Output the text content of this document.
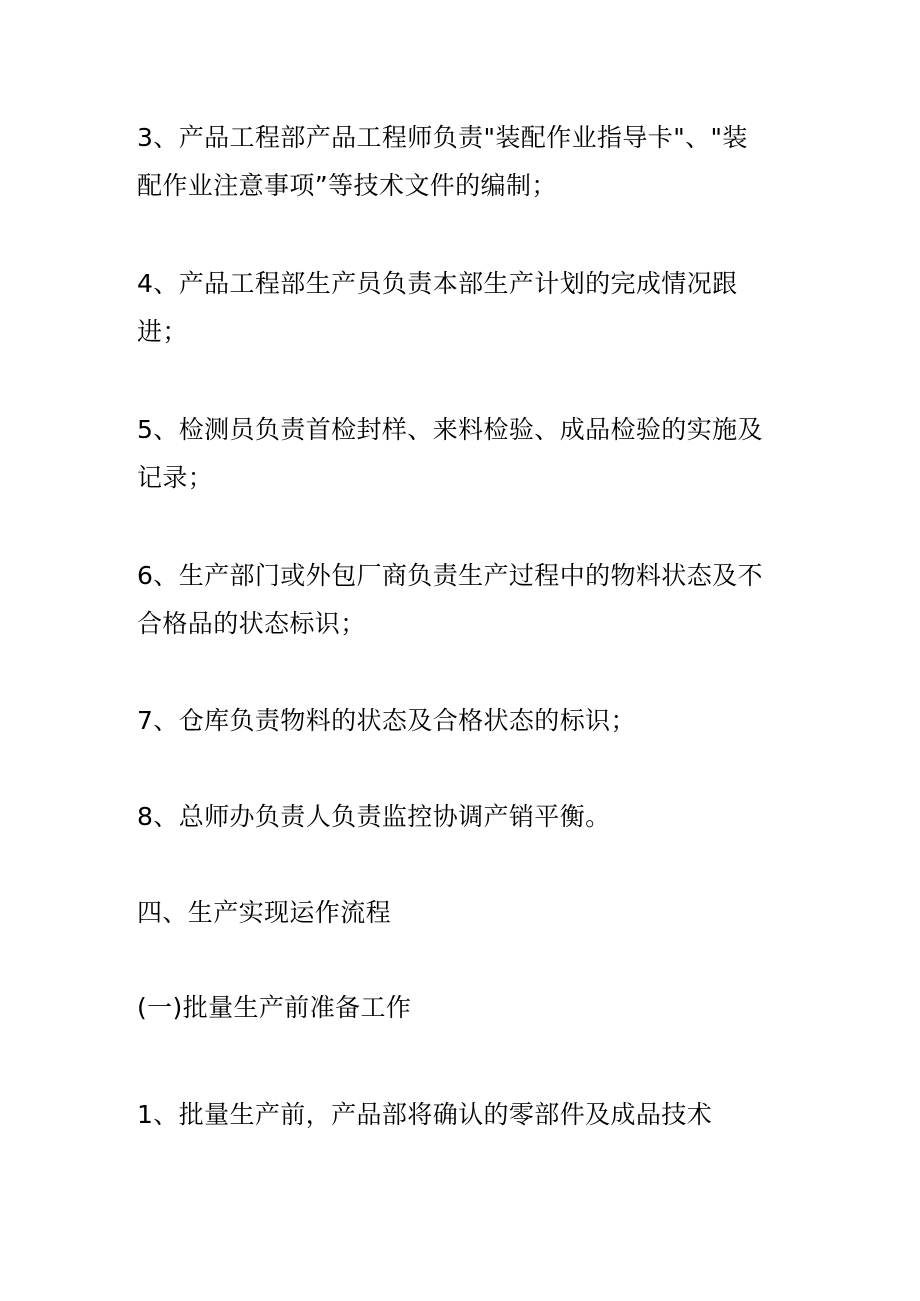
3、产品工程部产品工程师负责"装配作业指导卡"、"装
配作业注意事项”等技术文件的编制；

4、产品工程部生产员负责本部生产计划的完成情况跟
进；

5、检测员负责首检封样、来料检验、成品检验的实施及
记录；

6、生产部门或外包厂商负责生产过程中的物料状态及不
合格品的状态标识；

7、仓库负责物料的状态及合格状态的标识；

8、总师办负责人负责监控协调产销平衡。

四、生产实现运作流程

(一)批量生产前准备工作

1、批量生产前，产品部将确认的零部件及成品技术
